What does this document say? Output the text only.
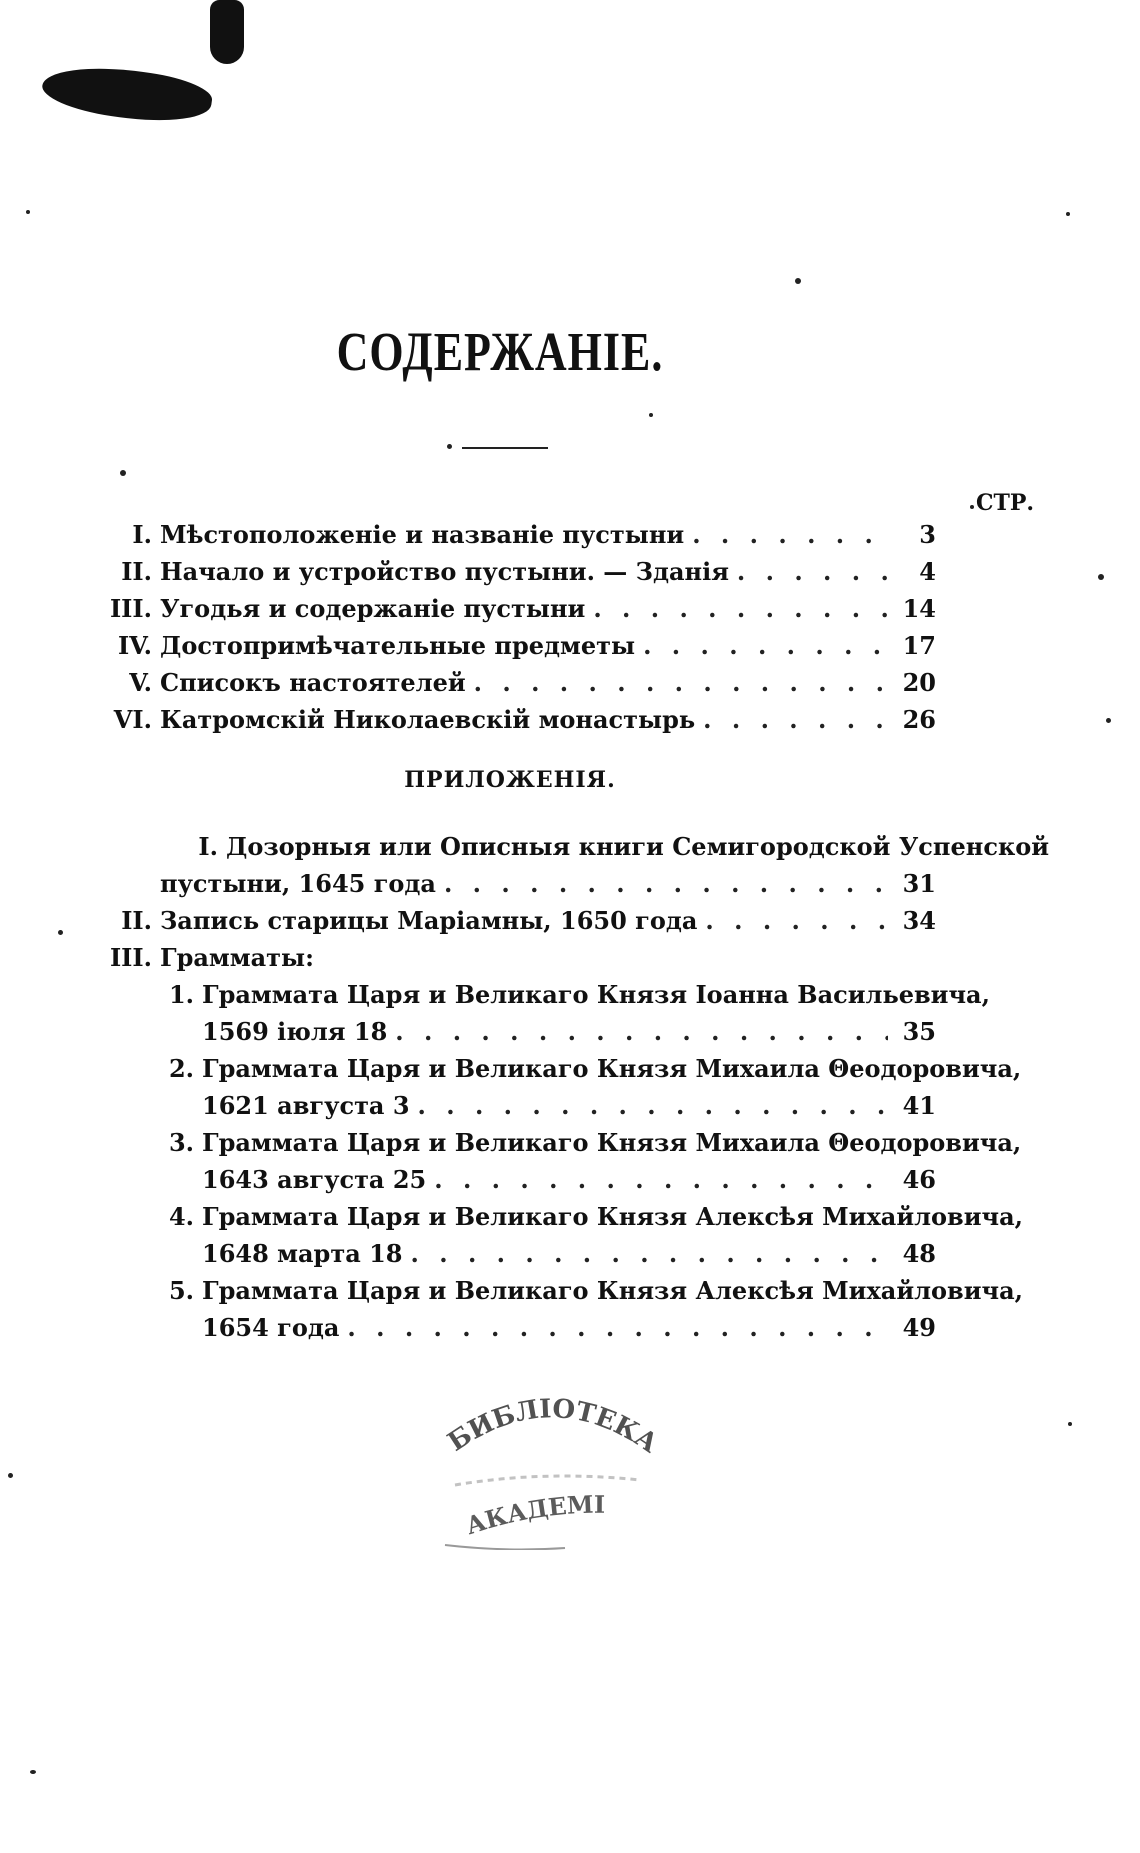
СОДЕРЖАНIЕ.
СТР.
I. Мѣстоположенiе и названiе пустыни . . .	3
II. Начало и устройство пустыни. — Зданiя . . .	4
III. Угодья и содержанiе пустыни . . .	14
IV. Достопримѣчательные предметы . . .	17
V. Списокъ настоятелей . . .	20
VI. Катромскiй Николаевскiй монастырь . . .	26
ПРИЛОЖЕНIЯ.
I. Дозорныя или Описныя книги Семигородской Успенской
пустыни, 1645 года . . .	31
II. Запись старицы Марiамны, 1650 года . . .	34
III. Грамматы:
1. Граммата Царя и Великаго Князя Iоанна Васильевича,
1569 iюля 18 . . .	35
2. Граммата Царя и Великаго Князя Михаила Θеодоровича,
1621 августа 3 . . .	41
3. Граммата Царя и Великаго Князя Михаила Θеодоровича,
1643 августа 25 . . .	46
4. Граммата Царя и Великаго Князя Алексѣя Михайловича,
1648 марта 18 . . .	48
5. Граммата Царя и Великаго Князя Алексѣя Михайловича,
1654 года . . .	49
БИБЛIОТЕКА
АКАДЕМI
